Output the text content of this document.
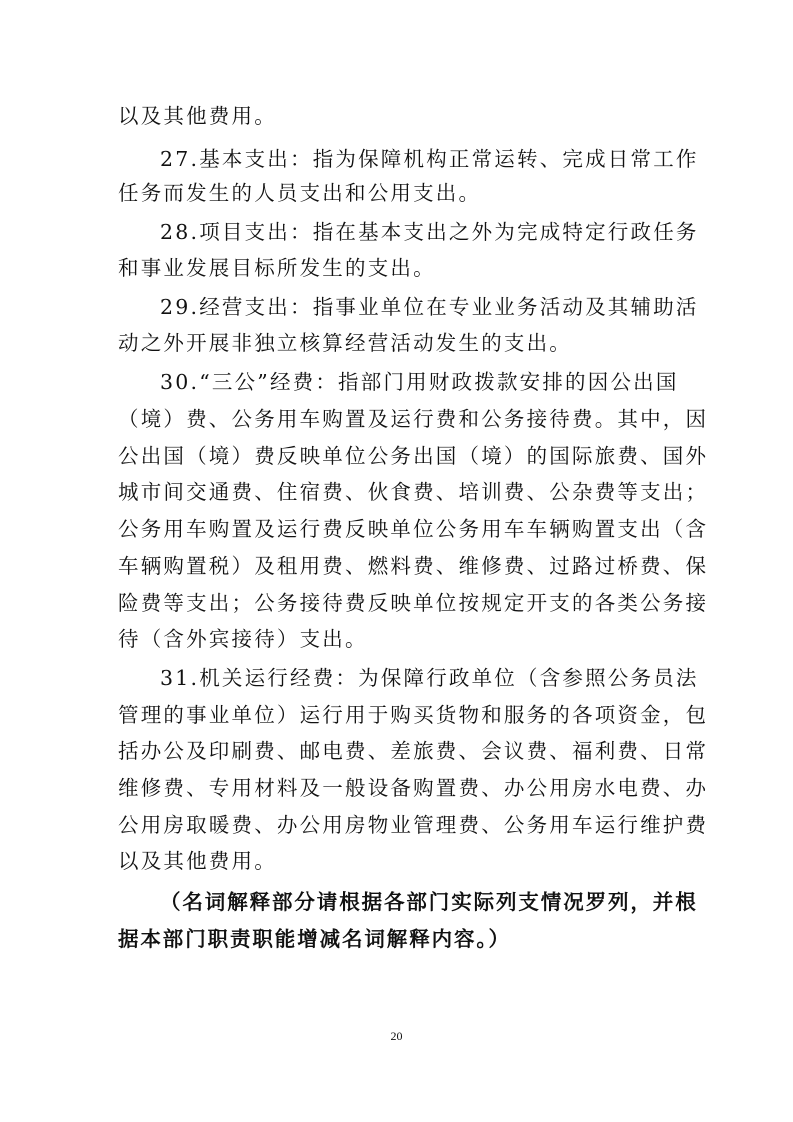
以及其他费用。
27.基本支出：指为保障机构正常运转、完成日常工作
任务而发生的人员支出和公用支出。
28.项目支出：指在基本支出之外为完成特定行政任务
和事业发展目标所发生的支出。
29.经营支出：指事业单位在专业业务活动及其辅助活
动之外开展非独立核算经营活动发生的支出。
30.“三公”经费：指部门用财政拨款安排的因公出国
（境）费、公务用车购置及运行费和公务接待费。其中，因
公出国（境）费反映单位公务出国（境）的国际旅费、国外
城市间交通费、住宿费、伙食费、培训费、公杂费等支出；
公务用车购置及运行费反映单位公务用车车辆购置支出（含
车辆购置税）及租用费、燃料费、维修费、过路过桥费、保
险费等支出；公务接待费反映单位按规定开支的各类公务接
待（含外宾接待）支出。
31.机关运行经费：为保障行政单位（含参照公务员法
管理的事业单位）运行用于购买货物和服务的各项资金，包
括办公及印刷费、邮电费、差旅费、会议费、福利费、日常
维修费、专用材料及一般设备购置费、办公用房水电费、办
公用房取暖费、办公用房物业管理费、公务用车运行维护费
以及其他费用。
（名词解释部分请根据各部门实际列支情况罗列，并根
据本部门职责职能增减名词解释内容。）
20
